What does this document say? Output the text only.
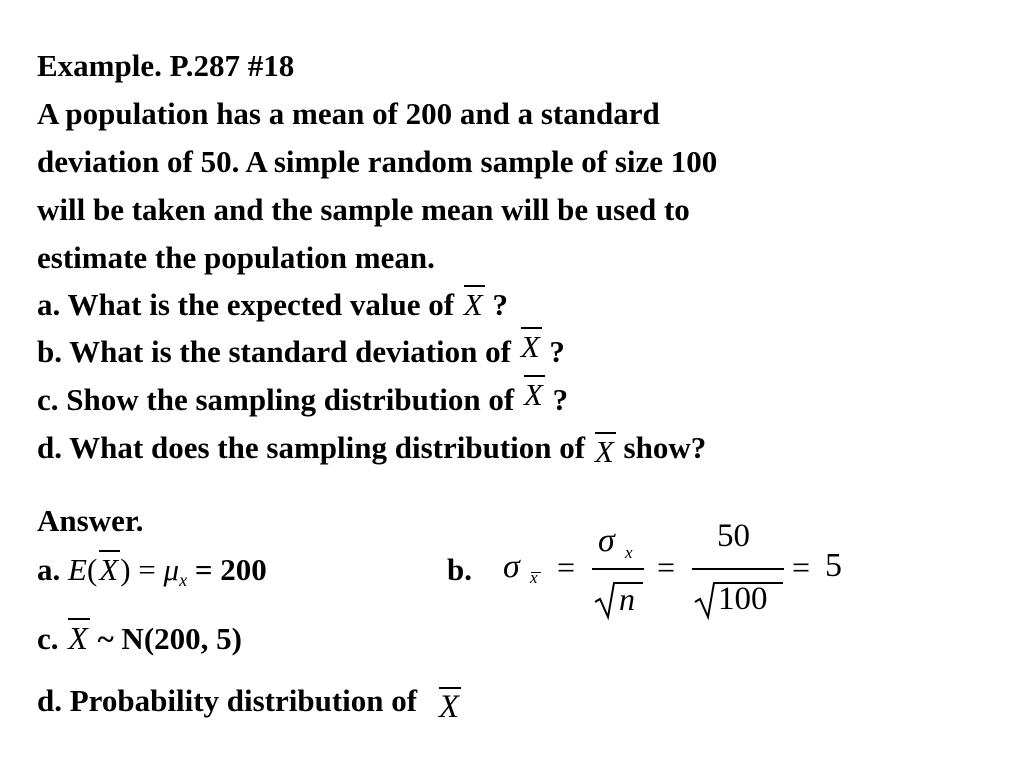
Example. P.287 #18
A population has a mean of 200 and a standard
deviation of 50. A simple random sample of size 100
will be taken and the sample mean will be used to
estimate the population mean.
a. What is the expected value of X ?
b. What is the standard deviation of X ?
c. Show the sampling distribution of X ?
d. What does the sampling distribution of X show?
Answer.
a. $E(X) = \mu_x = 200$	b. σ x =
σ x
n
=
50
100
= 5
c. X ~ N(200, 5)
d. Probability distribution of X
